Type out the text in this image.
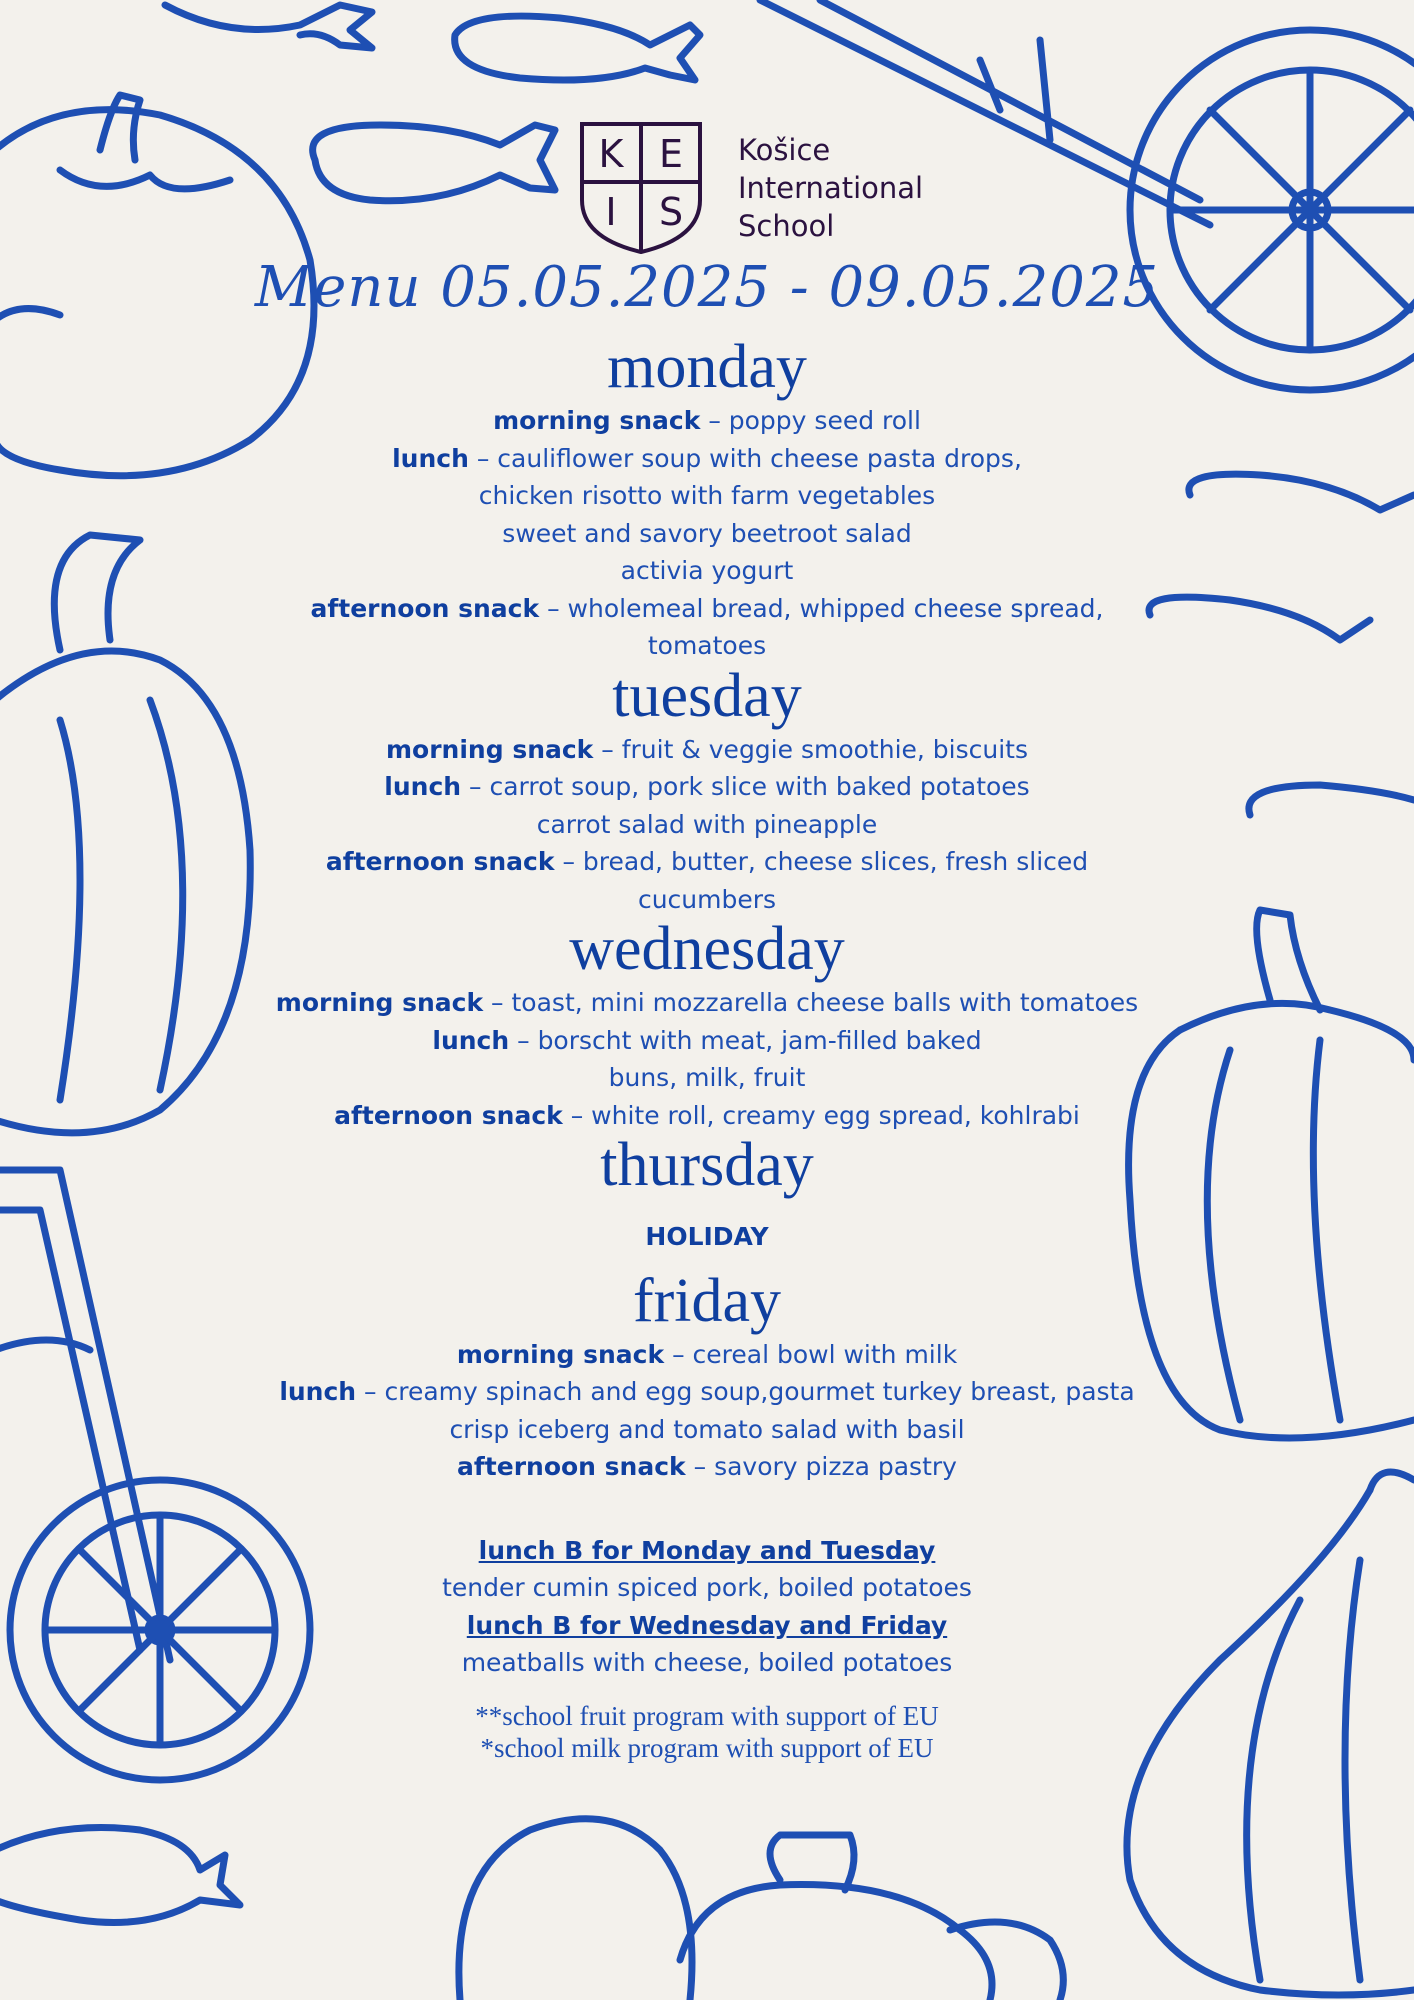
K E
I S
Košice
International
School
Menu 05.05.2025 - 09.05.2025
monday
morning snack – poppy seed roll
lunch – cauliflower soup with cheese pasta drops,
chicken risotto with farm vegetables
sweet and savory beetroot salad
activia yogurt
afternoon snack – wholemeal bread, whipped cheese spread,
tomatoes
tuesday
morning snack – fruit & veggie smoothie, biscuits
lunch – carrot soup, pork slice with baked potatoes
carrot salad with pineapple
afternoon snack – bread, butter, cheese slices, fresh sliced
cucumbers
wednesday
morning snack – toast, mini mozzarella cheese balls with tomatoes
lunch – borscht with meat, jam-filled baked
buns, milk, fruit
afternoon snack – white roll, creamy egg spread, kohlrabi
thursday
HOLIDAY
friday
morning snack – cereal bowl with milk
lunch – creamy spinach and egg soup,gourmet turkey breast, pasta
crisp iceberg and tomato salad with basil
afternoon snack – savory pizza pastry
lunch B for Monday and Tuesday
tender cumin spiced pork, boiled potatoes
lunch B for Wednesday and Friday
meatballs with cheese, boiled potatoes
**school fruit program with support of EU
*school milk program with support of EU
